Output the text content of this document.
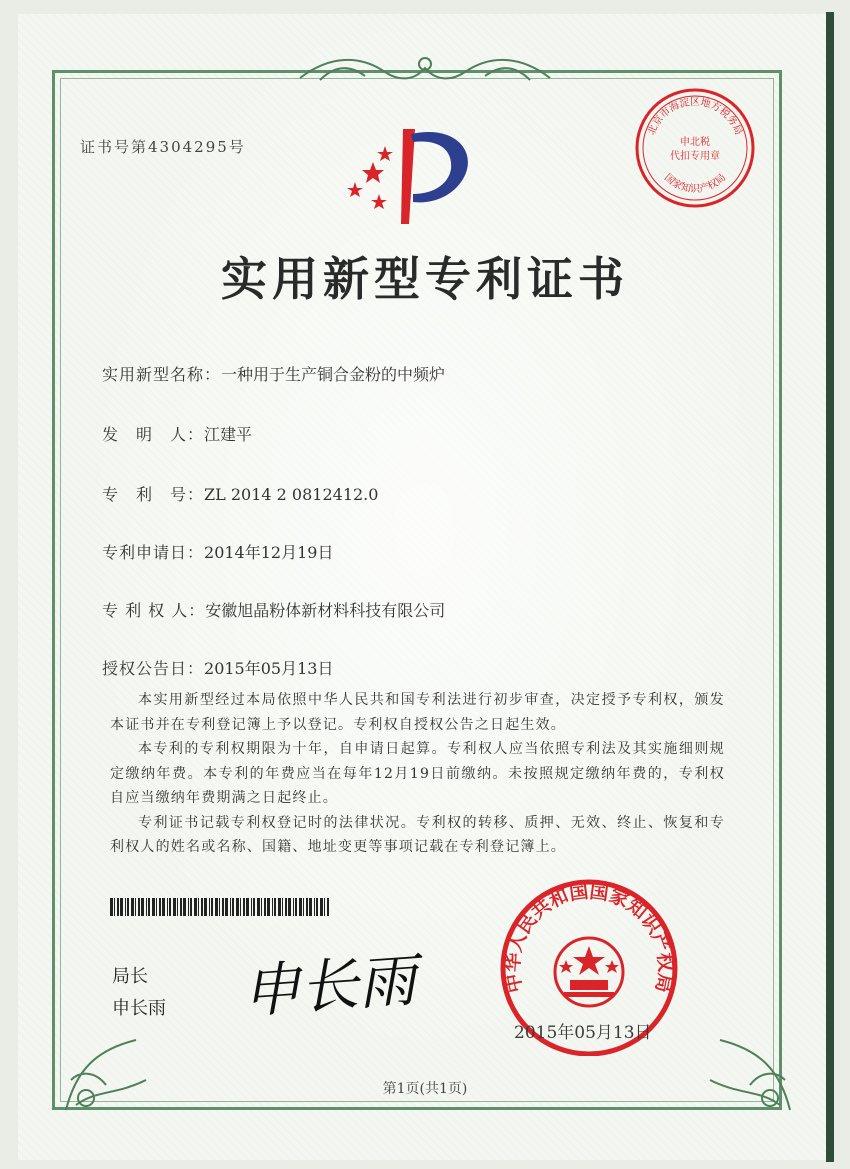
证书号第4304295号
北京市海淀区地方税务局
申北税
代扣专用章
国家知识产权局
实用新型专利证书
实用新型名称：一种用于生产铜合金粉的中频炉
发　明　人：江建平
专　利　号：ZL 2014 2 0812412.0
专利申请日：2014年12月19日
专 利 权 人：安徽旭晶粉体新材料科技有限公司
授权公告日：2015年05月13日

本实用新型经过本局依照中华人民共和国专利法进行初步审查，决定授予专利权，颁发本证书并在专利登记簿上予以登记。专利权自授权公告之日起生效。

本专利的专利权期限为十年，自申请日起算。专利权人应当依照专利法及其实施细则规定缴纳年费。本专利的年费应当在每年12月19日前缴纳。未按照规定缴纳年费的，专利权自应当缴纳年费期满之日起终止。

专利证书记载专利权登记时的法律状况。专利权的转移、质押、无效、终止、恢复和专利权人的姓名或名称、国籍、地址变更等事项记载在专利登记簿上。

局长
申长雨 申长雨	中华人民共和国国家知识产权局
2015年05月13日
第1页(共1页)
